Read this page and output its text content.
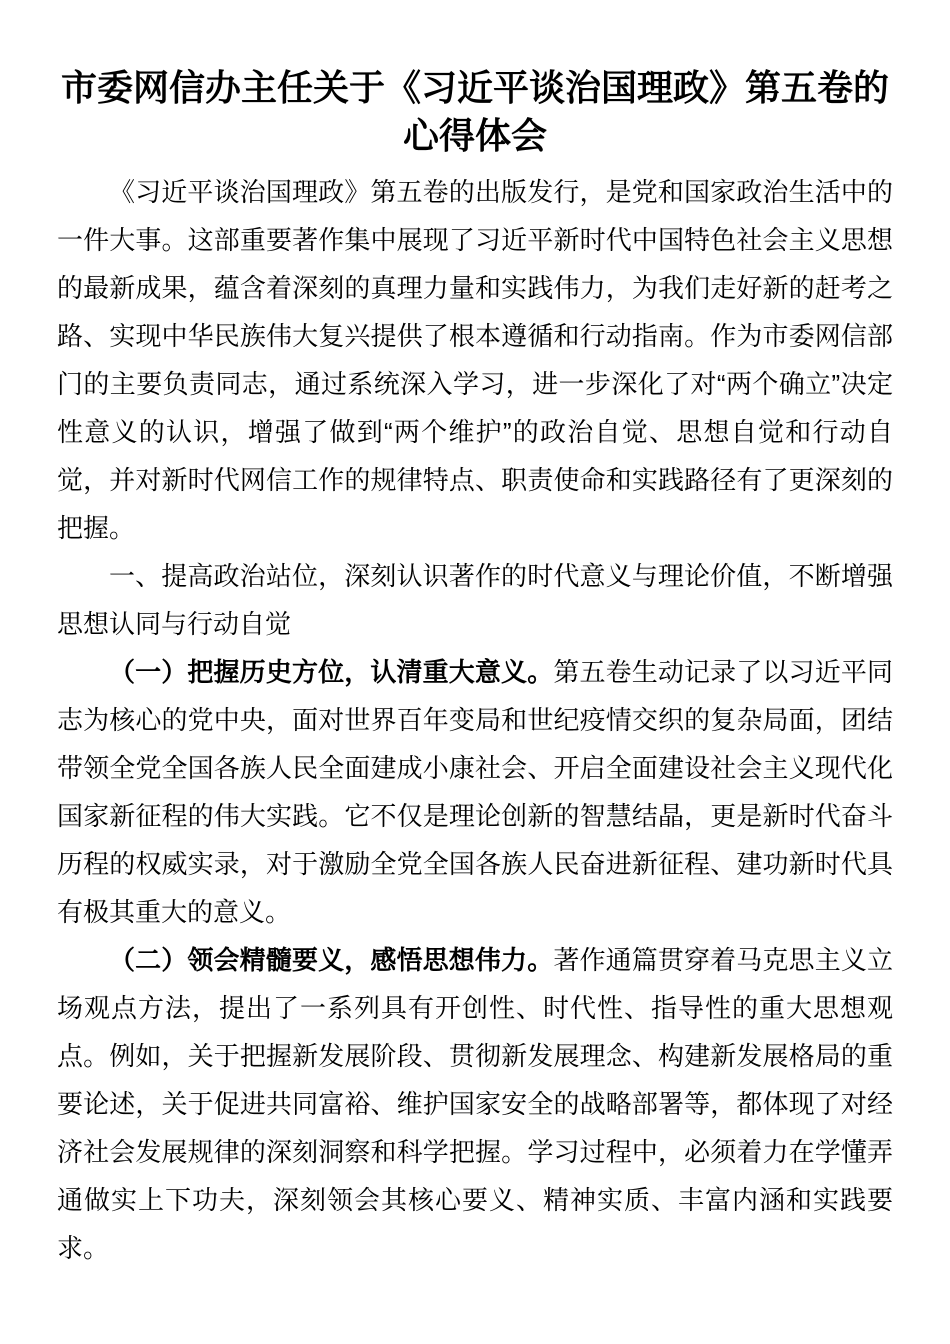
市委网信办主任关于《习近平谈治国理政》第五卷的心得体会

《习近平谈治国理政》第五卷的出版发行，是党和国家政治生活中的一件大事。这部重要著作集中展现了习近平新时代中国特色社会主义思想的最新成果，蕴含着深刻的真理力量和实践伟力，为我们走好新的赶考之路、实现中华民族伟大复兴提供了根本遵循和行动指南。作为市委网信部门的主要负责同志，通过系统深入学习，进一步深化了对“两个确立”决定性意义的认识，增强了做到“两个维护”的政治自觉、思想自觉和行动自觉，并对新时代网信工作的规律特点、职责使命和实践路径有了更深刻的把握。

一、提高政治站位，深刻认识著作的时代意义与理论价值，不断增强思想认同与行动自觉

（一）把握历史方位，认清重大意义。第五卷生动记录了以习近平同志为核心的党中央，面对世界百年变局和世纪疫情交织的复杂局面，团结带领全党全国各族人民全面建成小康社会、开启全面建设社会主义现代化国家新征程的伟大实践。它不仅是理论创新的智慧结晶，更是新时代奋斗历程的权威实录，对于激励全党全国各族人民奋进新征程、建功新时代具有极其重大的意义。

（二）领会精髓要义，感悟思想伟力。著作通篇贯穿着马克思主义立场观点方法，提出了一系列具有开创性、时代性、指导性的重大思想观点。例如，关于把握新发展阶段、贯彻新发展理念、构建新发展格局的重要论述，关于促进共同富裕、维护国家安全的战略部署等，都体现了对经济社会发展规律的深刻洞察和科学把握。学习过程中，必须着力在学懂弄通做实上下功夫，深刻领会其核心要义、精神实质、丰富内涵和实践要求。
